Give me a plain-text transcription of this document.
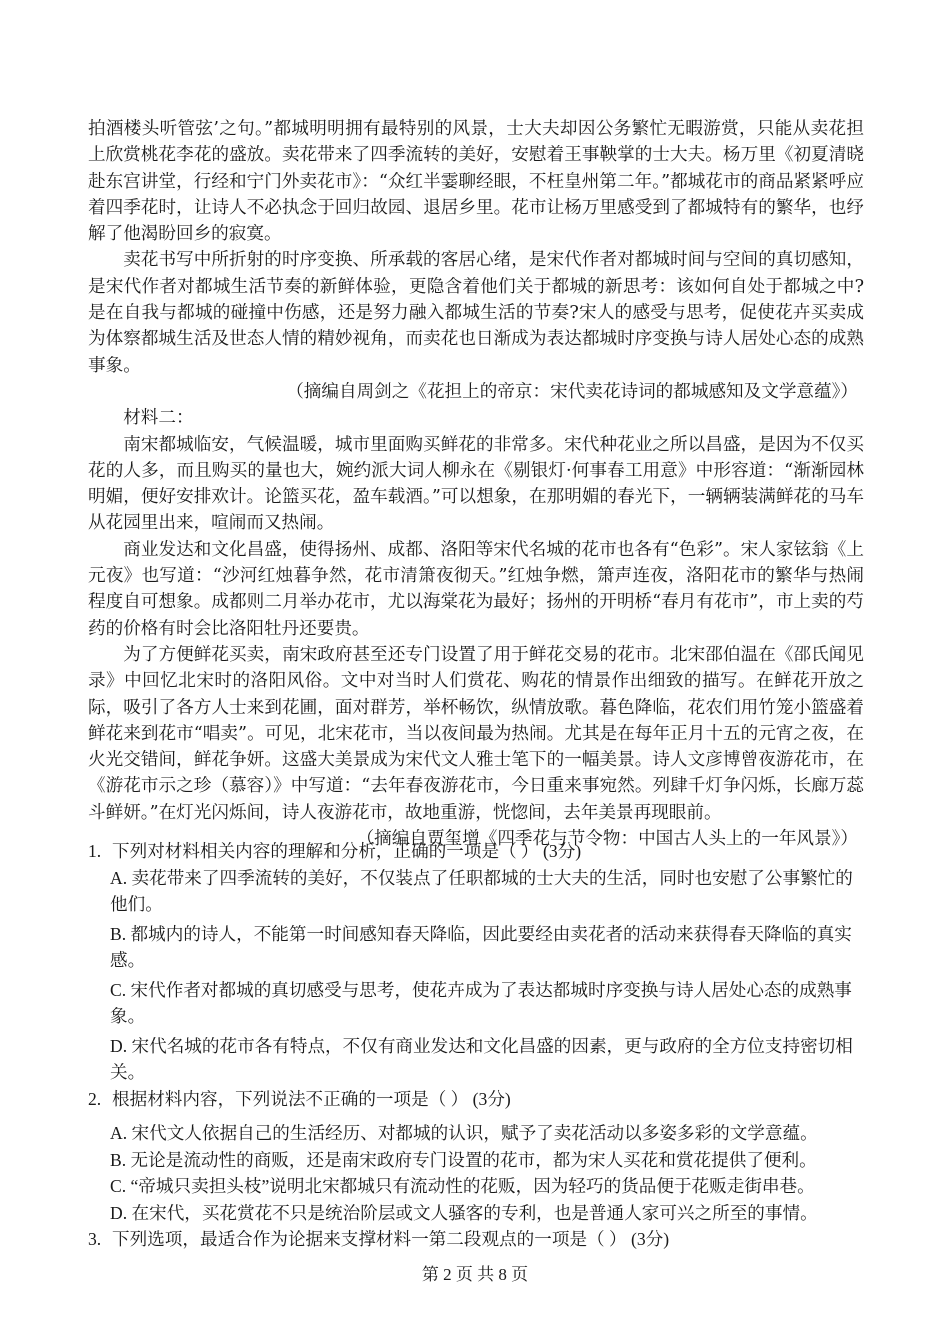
拍酒楼头听管弦’之句。”都城明明拥有最特别的风景，士大夫却因公务繁忙无暇游赏，只能从卖花担上欣赏桃花李花的盛放。卖花带来了四季流转的美好，安慰着王事鞅掌的士大夫。杨万里《初夏清晓赴东宫讲堂，行经和宁门外卖花市》：“众红半霎聊经眼，不枉皇州第二年。”都城花市的商品紧紧呼应着四季花时，让诗人不必执念于回归故园、退居乡里。花市让杨万里感受到了都城特有的繁华，也纾解了他渴盼回乡的寂寞。

卖花书写中所折射的时序变换、所承载的客居心绪，是宋代作者对都城时间与空间的真切感知，是宋代作者对都城生活节奏的新鲜体验，更隐含着他们关于都城的新思考：该如何自处于都城之中?是在自我与都城的碰撞中伤感，还是努力融入都城生活的节奏?宋人的感受与思考，促使花卉买卖成为体察都城生活及世态人情的精妙视角，而卖花也日渐成为表达都城时序变换与诗人居处心态的成熟事象。

（摘编自周剑之《花担上的帝京：宋代卖花诗词的都城感知及文学意蕴》）

材料二：

南宋都城临安，气候温暖，城市里面购买鲜花的非常多。宋代种花业之所以昌盛，是因为不仅买花的人多，而且购买的量也大，婉约派大词人柳永在《剔银灯·何事春工用意》中形容道：“渐渐园林明媚，便好安排欢计。论篮买花，盈车载酒。”可以想象，在那明媚的春光下，一辆辆装满鲜花的马车从花园里出来，喧闹而又热闹。

商业发达和文化昌盛，使得扬州、成都、洛阳等宋代名城的花市也各有“色彩”。宋人家铉翁《上元夜》也写道：“沙河红烛暮争然，花市清箫夜彻天。”红烛争燃，箫声连夜，洛阳花市的繁华与热闹程度自可想象。成都则二月举办花市，尤以海棠花为最好；扬州的开明桥“春月有花市”，市上卖的芍药的价格有时会比洛阳牡丹还要贵。

为了方便鲜花买卖，南宋政府甚至还专门设置了用于鲜花交易的花市。北宋邵伯温在《邵氏闻见录》中回忆北宋时的洛阳风俗。文中对当时人们赏花、购花的情景作出细致的描写。在鲜花开放之际，吸引了各方人士来到花圃，面对群芳，举杯畅饮，纵情放歌。暮色降临，花农们用竹笼小篮盛着鲜花来到花市“唱卖”。可见，北宋花市，当以夜间最为热闹。尤其是在每年正月十五的元宵之夜，在火光交错间，鲜花争妍。这盛大美景成为宋代文人雅士笔下的一幅美景。诗人文彦博曾夜游花市，在《游花市示之珍（慕容）》中写道：“去年春夜游花市，今日重来事宛然。列肆千灯争闪烁，长廊万蕊斗鲜妍。”在灯光闪烁间，诗人夜游花市，故地重游，恍惚间，去年美景再现眼前。

（摘编自贾玺增《四季花与节令物：中国古人头上的一年风景》）

1. 下列对材料相关内容的理解和分析，正确的一项是（ ） (3分)

A. 卖花带来了四季流转的美好，不仅装点了任职都城的士大夫的生活，同时也安慰了公事繁忙的他们。

B. 都城内的诗人，不能第一时间感知春天降临，因此要经由卖花者的活动来获得春天降临的真实感。

C. 宋代作者对都城的真切感受与思考，使花卉成为了表达都城时序变换与诗人居处心态的成熟事象。

D. 宋代名城的花市各有特点，不仅有商业发达和文化昌盛的因素，更与政府的全方位支持密切相关。

2. 根据材料内容，下列说法不正确的一项是（ ） (3分)

A. 宋代文人依据自己的生活经历、对都城的认识，赋予了卖花活动以多姿多彩的文学意蕴。

B. 无论是流动性的商贩，还是南宋政府专门设置的花市，都为宋人买花和赏花提供了便利。

C. “帝城只卖担头枝”说明北宋都城只有流动性的花贩，因为轻巧的货品便于花贩走街串巷。

D. 在宋代，买花赏花不只是统治阶层或文人骚客的专利，也是普通人家可兴之所至的事情。

3. 下列选项，最适合作为论据来支撑材料一第二段观点的一项是（ ） (3分)
第 2 页 共 8 页
